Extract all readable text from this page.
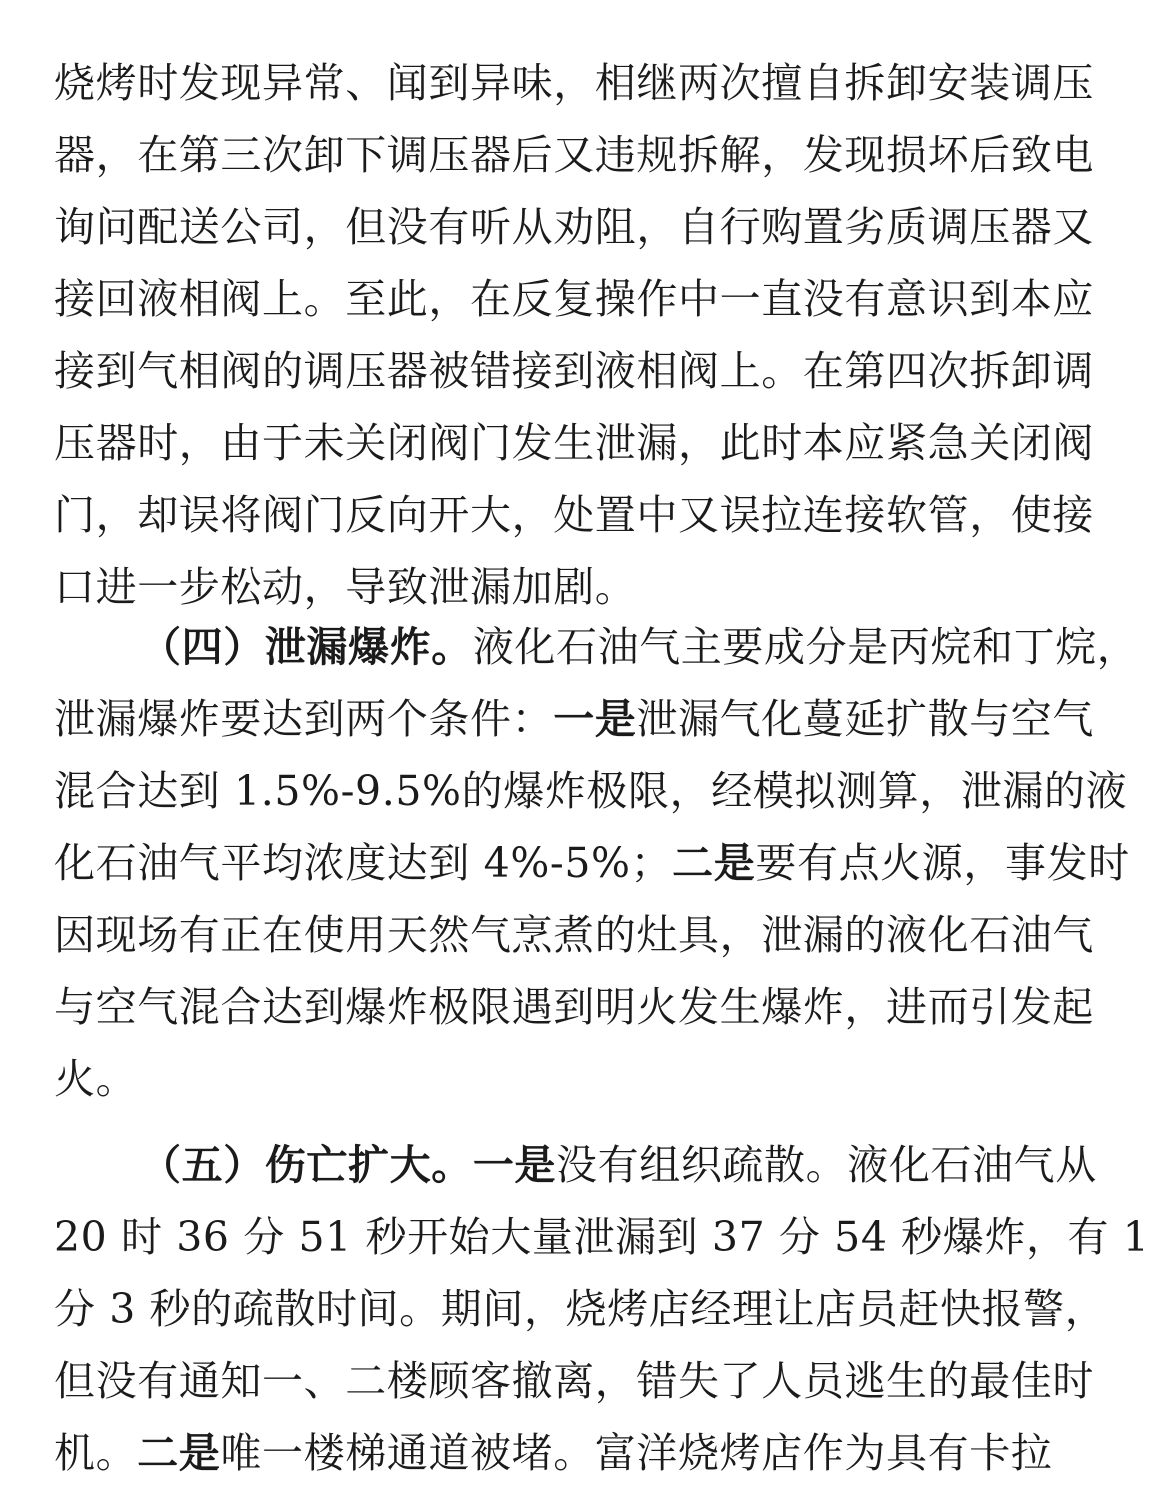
烧烤时发现异常、闻到异味，相继两次擅自拆卸安装调压
器，在第三次卸下调压器后又违规拆解，发现损坏后致电
询问配送公司，但没有听从劝阻，自行购置劣质调压器又
接回液相阀上。至此，在反复操作中一直没有意识到本应
接到气相阀的调压器被错接到液相阀上。在第四次拆卸调
压器时，由于未关闭阀门发生泄漏，此时本应紧急关闭阀
门，却误将阀门反向开大，处置中又误拉连接软管，使接
口进一步松动，导致泄漏加剧。
（四）泄漏爆炸。液化石油气主要成分是丙烷和丁烷，
泄漏爆炸要达到两个条件：一是泄漏气化蔓延扩散与空气
混合达到 1.5%-9.5%的爆炸极限，经模拟测算，泄漏的液
化石油气平均浓度达到 4%-5%；二是要有点火源，事发时
因现场有正在使用天然气烹煮的灶具，泄漏的液化石油气
与空气混合达到爆炸极限遇到明火发生爆炸，进而引发起
火。
（五）伤亡扩大。一是没有组织疏散。液化石油气从
20 时 36 分 51 秒开始大量泄漏到 37 分 54 秒爆炸，有 1
分 3 秒的疏散时间。期间，烧烤店经理让店员赶快报警，
但没有通知一、二楼顾客撤离，错失了人员逃生的最佳时
机。二是唯一楼梯通道被堵。富洋烧烤店作为具有卡拉
